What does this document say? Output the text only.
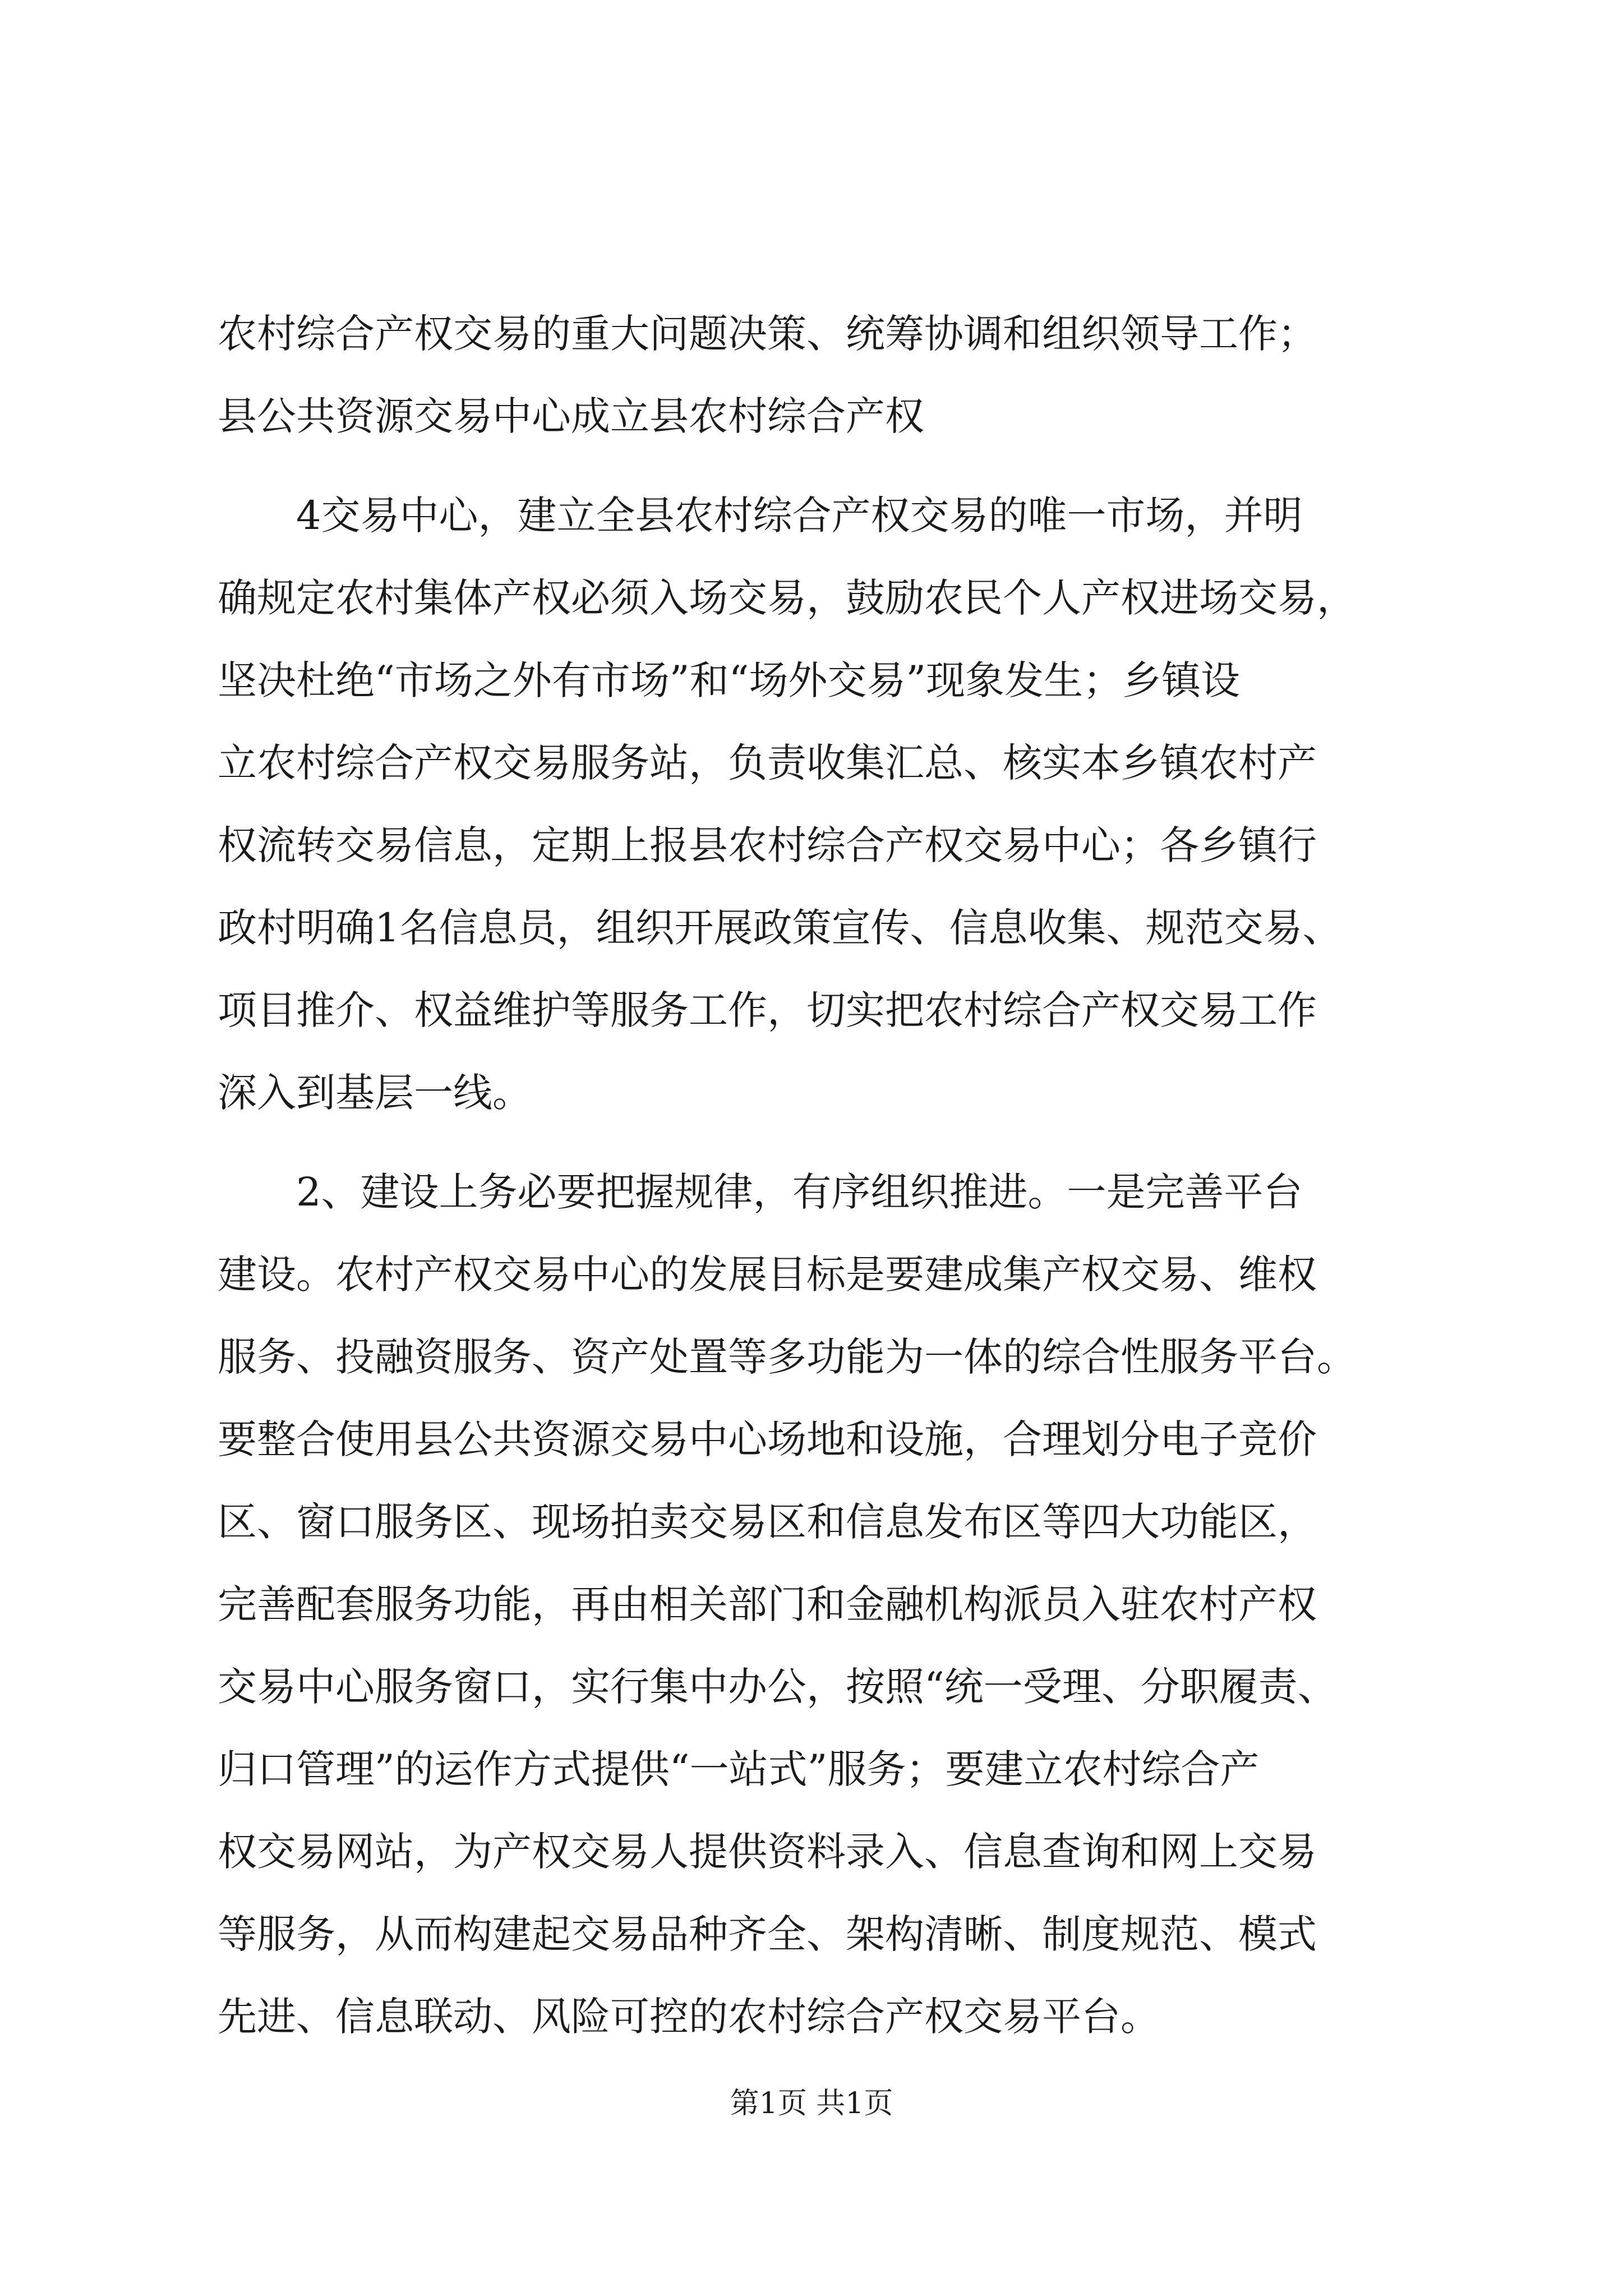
农村综合产权交易的重大问题决策、统筹协调和组织领导工作；
县公共资源交易中心成立县农村综合产权
　　4交易中心，建立全县农村综合产权交易的唯一市场，并明
确规定农村集体产权必须入场交易，鼓励农民个人产权进场交易，
坚决杜绝“市场之外有市场”和“场外交易”现象发生；乡镇设
立农村综合产权交易服务站，负责收集汇总、核实本乡镇农村产
权流转交易信息，定期上报县农村综合产权交易中心；各乡镇行
政村明确1名信息员，组织开展政策宣传、信息收集、规范交易、
项目推介、权益维护等服务工作，切实把农村综合产权交易工作
深入到基层一线。
　　2、建设上务必要把握规律，有序组织推进。一是完善平台
建设。农村产权交易中心的发展目标是要建成集产权交易、维权
服务、投融资服务、资产处置等多功能为一体的综合性服务平台。
要整合使用县公共资源交易中心场地和设施，合理划分电子竞价
区、窗口服务区、现场拍卖交易区和信息发布区等四大功能区，
完善配套服务功能，再由相关部门和金融机构派员入驻农村产权
交易中心服务窗口，实行集中办公，按照“统一受理、分职履责、
归口管理”的运作方式提供“一站式”服务；要建立农村综合产
权交易网站，为产权交易人提供资料录入、信息查询和网上交易
等服务，从而构建起交易品种齐全、架构清晰、制度规范、模式
先进、信息联动、风险可控的农村综合产权交易平台。
第1页 共1页
